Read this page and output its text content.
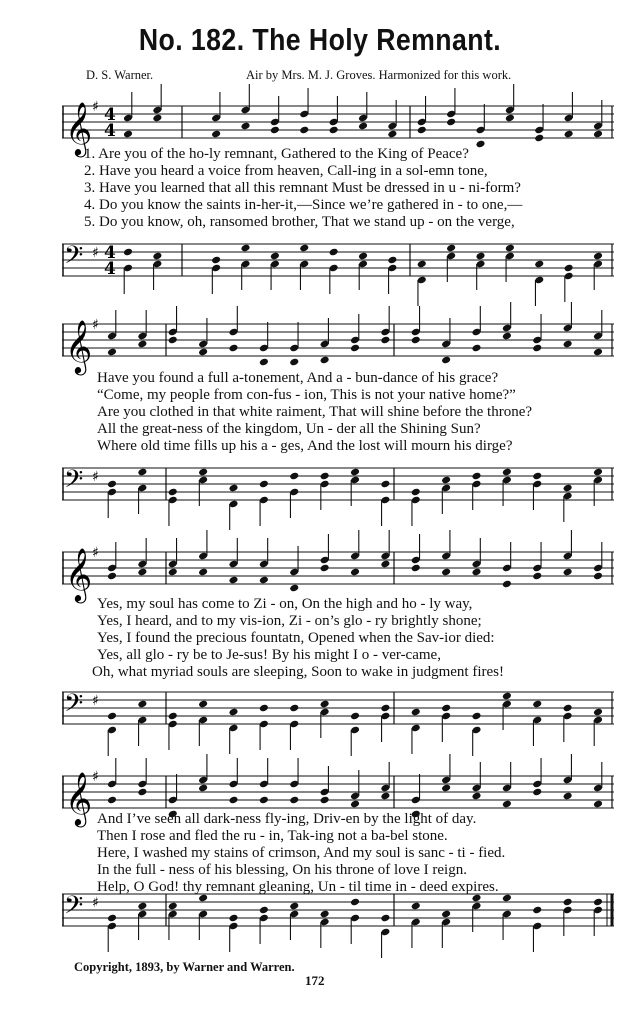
No. 182. The Holy Remnant.
D. S. Warner.	Air by Mrs. M. J. Groves. Harmonized for this work.
𝄞 ♯ 4
4
1. Are you of the ho-ly remnant, Gathered to the King of Peace?
2. Have you heard a voice from heaven, Call-ing in a sol-emn tone,
3. Have you learned that all this remnant Must be dressed in u - ni-form?
4. Do you know the saints in-her-it,—Since we’re gathered in - to one,—
5. Do you know, oh, ransomed brother, That we stand up - on the verge,
𝄢 ♯ 4
4
𝄞 ♯
Have you found a full a-tonement, And a - bun-dance of his grace?
“Come, my people from con-fus - ion, This is not your native home?”
Are you clothed in that white raiment, That will shine before the throne?
All the great-ness of the kingdom, Un - der all the Shining Sun?
Where old time fills up his a - ges, And the lost will mourn his dirge?
𝄢 ♯
𝄞 ♯
Yes, my soul has come to Zi - on, On the high and ho - ly way,
Yes, I heard, and to my vis-ion, Zi - on’s glo - ry brightly shone;
Yes, I found the precious fountatn, Opened when the Sav-ior died:
Yes, all glo - ry be to Je-sus! By his might I o - ver-came,
Oh, what myriad souls are sleeping, Soon to wake in judgment fires!
𝄢 ♯
𝄞 ♯
And I’ve seen all dark-ness fly-ing, Driv-en by the light of day.
Then I rose and fled the ru - in, Tak-ing not a ba-bel stone.
Here, I washed my stains of crimson, And my soul is sanc - ti - fied.
In the full - ness of his blessing, On his throne of love I reign.
Help, O God! thy remnant gleaning, Un - til time in - deed expires.
𝄢 ♯
Copyright, 1893, by Warner and Warren.
172
